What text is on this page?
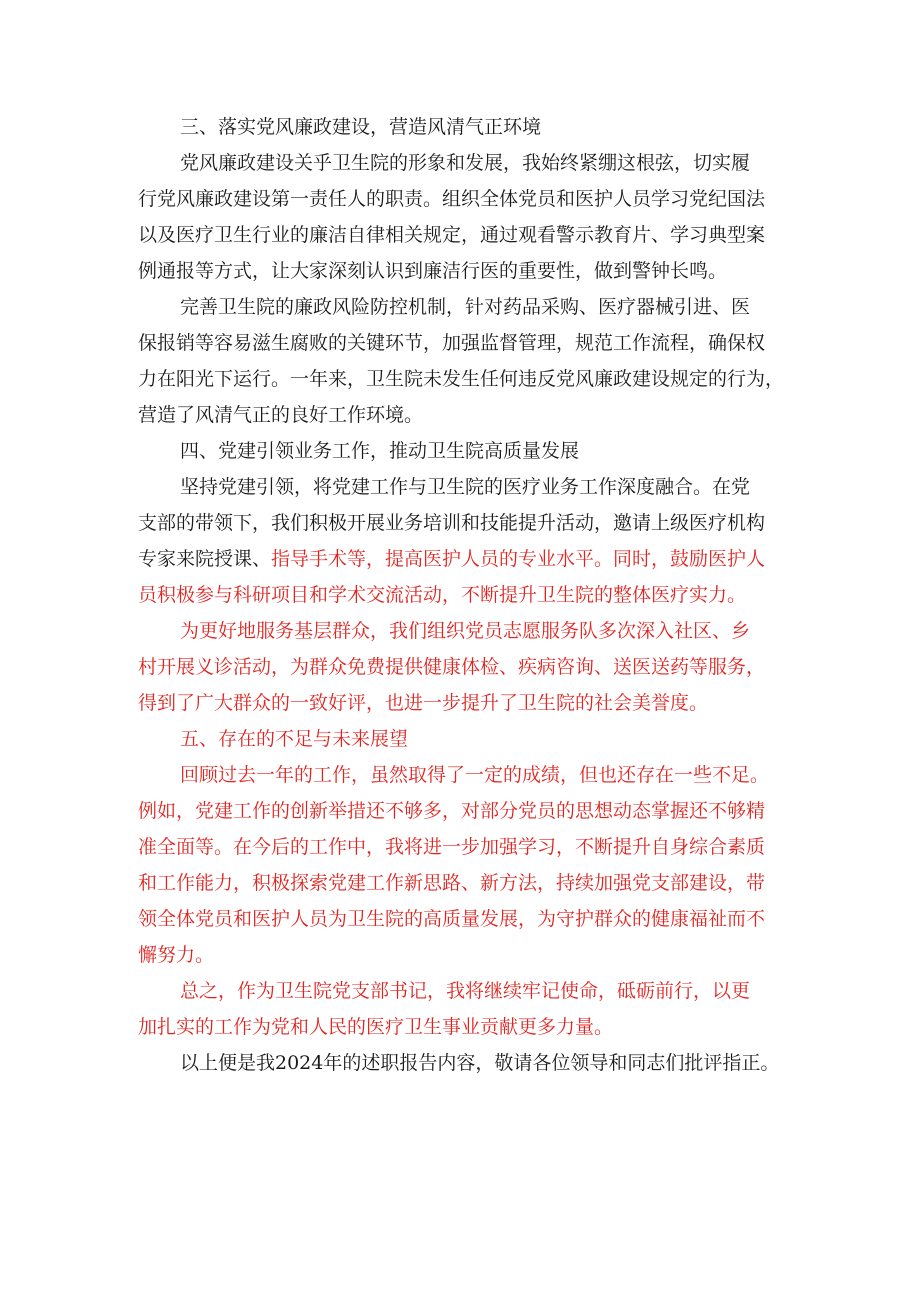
三、落实党风廉政建设，营造风清气正环境
党风廉政建设关乎卫生院的形象和发展，我始终紧绷这根弦，切实履
行党风廉政建设第一责任人的职责。组织全体党员和医护人员学习党纪国法
以及医疗卫生行业的廉洁自律相关规定，通过观看警示教育片、学习典型案
例通报等方式，让大家深刻认识到廉洁行医的重要性，做到警钟长鸣。
完善卫生院的廉政风险防控机制，针对药品采购、医疗器械引进、医
保报销等容易滋生腐败的关键环节，加强监督管理，规范工作流程，确保权
力在阳光下运行。一年来，卫生院未发生任何违反党风廉政建设规定的行为，
营造了风清气正的良好工作环境。
四、党建引领业务工作，推动卫生院高质量发展
坚持党建引领，将党建工作与卫生院的医疗业务工作深度融合。在党
支部的带领下，我们积极开展业务培训和技能提升活动，邀请上级医疗机构
专家来院授课、指导手术等，提高医护人员的专业水平。同时，鼓励医护人
员积极参与科研项目和学术交流活动，不断提升卫生院的整体医疗实力。
为更好地服务基层群众，我们组织党员志愿服务队多次深入社区、乡
村开展义诊活动，为群众免费提供健康体检、疾病咨询、送医送药等服务，
得到了广大群众的一致好评，也进一步提升了卫生院的社会美誉度。
五、存在的不足与未来展望
回顾过去一年的工作，虽然取得了一定的成绩，但也还存在一些不足。
例如，党建工作的创新举措还不够多，对部分党员的思想动态掌握还不够精
准全面等。在今后的工作中，我将进一步加强学习，不断提升自身综合素质
和工作能力，积极探索党建工作新思路、新方法，持续加强党支部建设，带
领全体党员和医护人员为卫生院的高质量发展，为守护群众的健康福祉而不
懈努力。
总之，作为卫生院党支部书记，我将继续牢记使命，砥砺前行，以更
加扎实的工作为党和人民的医疗卫生事业贡献更多力量。
以上便是我2024年的述职报告内容，敬请各位领导和同志们批评指正。
